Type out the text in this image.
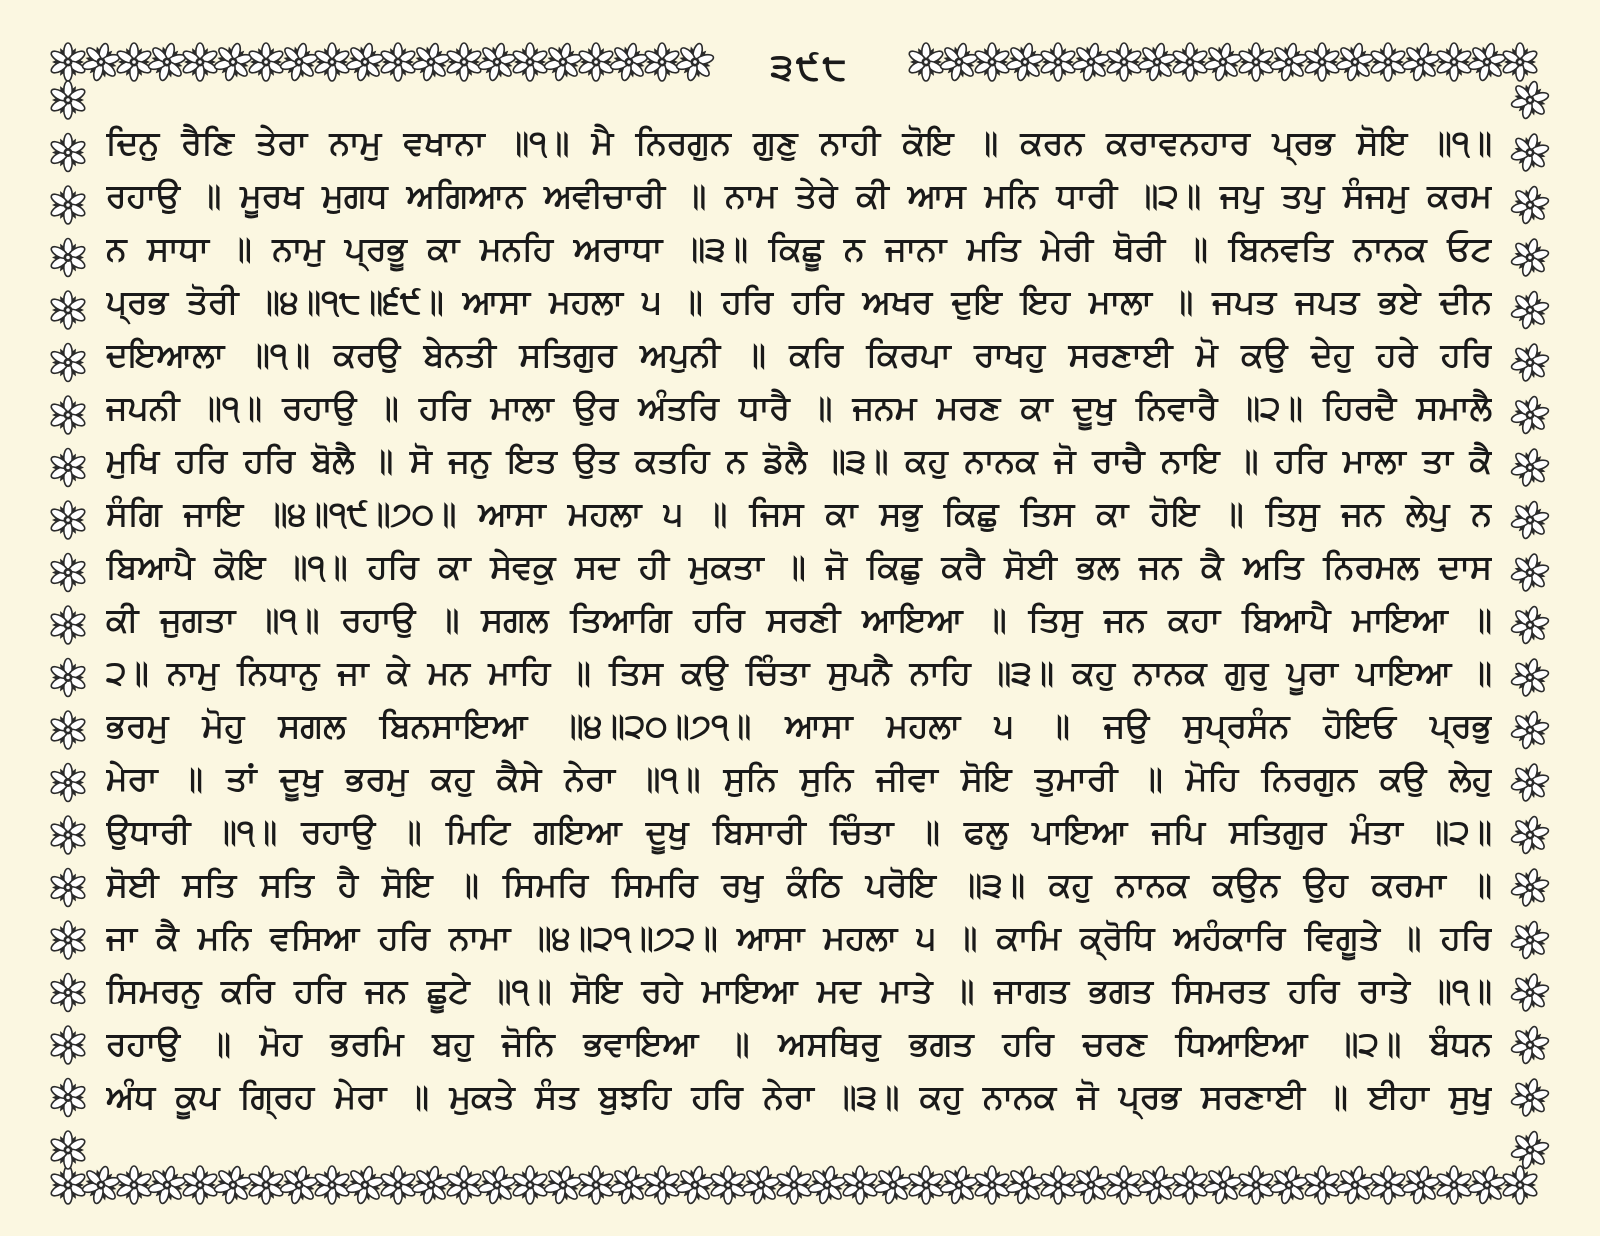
੩੯੮
ਦਿਨੁ ਰੈਣਿ ਤੇਰਾ ਨਾਮੁ ਵਖਾਨਾ ॥੧॥ ਮੈ ਨਿਰਗੁਨ ਗੁਣੁ ਨਾਹੀ ਕੋਇ ॥ ਕਰਨ ਕਰਾਵਨਹਾਰ ਪ੍ਰਭ ਸੋਇ ॥੧॥
ਰਹਾਉ ॥ ਮੂਰਖ ਮੁਗਧ ਅਗਿਆਨ ਅਵੀਚਾਰੀ ॥ ਨਾਮ ਤੇਰੇ ਕੀ ਆਸ ਮਨਿ ਧਾਰੀ ॥੨॥ ਜਪੁ ਤਪੁ ਸੰਜਮੁ ਕਰਮ
ਨ ਸਾਧਾ ॥ ਨਾਮੁ ਪ੍ਰਭੂ ਕਾ ਮਨਹਿ ਅਰਾਧਾ ॥੩॥ ਕਿਛੂ ਨ ਜਾਨਾ ਮਤਿ ਮੇਰੀ ਥੋਰੀ ॥ ਬਿਨਵਤਿ ਨਾਨਕ ਓਟ
ਪ੍ਰਭ ਤੋਰੀ ॥੪॥੧੮॥੬੯॥ ਆਸਾ ਮਹਲਾ ੫ ॥ ਹਰਿ ਹਰਿ ਅਖਰ ਦੁਇ ਇਹ ਮਾਲਾ ॥ ਜਪਤ ਜਪਤ ਭਏ ਦੀਨ
ਦਇਆਲਾ ॥੧॥ ਕਰਉ ਬੇਨਤੀ ਸਤਿਗੁਰ ਅਪੁਨੀ ॥ ਕਰਿ ਕਿਰਪਾ ਰਾਖਹੁ ਸਰਣਾਈ ਮੋ ਕਉ ਦੇਹੁ ਹਰੇ ਹਰਿ
ਜਪਨੀ ॥੧॥ ਰਹਾਉ ॥ ਹਰਿ ਮਾਲਾ ਉਰ ਅੰਤਰਿ ਧਾਰੈ ॥ ਜਨਮ ਮਰਣ ਕਾ ਦੂਖੁ ਨਿਵਾਰੈ ॥੨॥ ਹਿਰਦੈ ਸਮਾਲੈ
ਮੁਖਿ ਹਰਿ ਹਰਿ ਬੋਲੈ ॥ ਸੋ ਜਨੁ ਇਤ ਉਤ ਕਤਹਿ ਨ ਡੋਲੈ ॥੩॥ ਕਹੁ ਨਾਨਕ ਜੋ ਰਾਚੈ ਨਾਇ ॥ ਹਰਿ ਮਾਲਾ ਤਾ ਕੈ
ਸੰਗਿ ਜਾਇ ॥੪॥੧੯॥੭੦॥ ਆਸਾ ਮਹਲਾ ੫ ॥ ਜਿਸ ਕਾ ਸਭੁ ਕਿਛੁ ਤਿਸ ਕਾ ਹੋਇ ॥ ਤਿਸੁ ਜਨ ਲੇਪੁ ਨ
ਬਿਆਪੈ ਕੋਇ ॥੧॥ ਹਰਿ ਕਾ ਸੇਵਕੁ ਸਦ ਹੀ ਮੁਕਤਾ ॥ ਜੋ ਕਿਛੁ ਕਰੈ ਸੋਈ ਭਲ ਜਨ ਕੈ ਅਤਿ ਨਿਰਮਲ ਦਾਸ
ਕੀ ਜੁਗਤਾ ॥੧॥ ਰਹਾਉ ॥ ਸਗਲ ਤਿਆਗਿ ਹਰਿ ਸਰਣੀ ਆਇਆ ॥ ਤਿਸੁ ਜਨ ਕਹਾ ਬਿਆਪੈ ਮਾਇਆ ॥
੨॥ ਨਾਮੁ ਨਿਧਾਨੁ ਜਾ ਕੇ ਮਨ ਮਾਹਿ ॥ ਤਿਸ ਕਉ ਚਿੰਤਾ ਸੁਪਨੈ ਨਾਹਿ ॥੩॥ ਕਹੁ ਨਾਨਕ ਗੁਰੁ ਪੂਰਾ ਪਾਇਆ ॥
ਭਰਮੁ ਮੋਹੁ ਸਗਲ ਬਿਨਸਾਇਆ ॥੪॥੨੦॥੭੧॥ ਆਸਾ ਮਹਲਾ ੫ ॥ ਜਉ ਸੁਪ੍ਰਸੰਨ ਹੋਇਓ ਪ੍ਰਭੁ
ਮੇਰਾ ॥ ਤਾਂ ਦੂਖੁ ਭਰਮੁ ਕਹੁ ਕੈਸੇ ਨੇਰਾ ॥੧॥ ਸੁਨਿ ਸੁਨਿ ਜੀਵਾ ਸੋਇ ਤੁਮਾਰੀ ॥ ਮੋਹਿ ਨਿਰਗੁਨ ਕਉ ਲੇਹੁ
ਉਧਾਰੀ ॥੧॥ ਰਹਾਉ ॥ ਮਿਟਿ ਗਇਆ ਦੂਖੁ ਬਿਸਾਰੀ ਚਿੰਤਾ ॥ ਫਲੁ ਪਾਇਆ ਜਪਿ ਸਤਿਗੁਰ ਮੰਤਾ ॥੨॥
ਸੋਈ ਸਤਿ ਸਤਿ ਹੈ ਸੋਇ ॥ ਸਿਮਰਿ ਸਿਮਰਿ ਰਖੁ ਕੰਠਿ ਪਰੋਇ ॥੩॥ ਕਹੁ ਨਾਨਕ ਕਉਨ ਉਹ ਕਰਮਾ ॥
ਜਾ ਕੈ ਮਨਿ ਵਸਿਆ ਹਰਿ ਨਾਮਾ ॥੪॥੨੧॥੭੨॥ ਆਸਾ ਮਹਲਾ ੫ ॥ ਕਾਮਿ ਕ੍ਰੋਧਿ ਅਹੰਕਾਰਿ ਵਿਗੂਤੇ ॥ ਹਰਿ
ਸਿਮਰਨੁ ਕਰਿ ਹਰਿ ਜਨ ਛੂਟੇ ॥੧॥ ਸੋਇ ਰਹੇ ਮਾਇਆ ਮਦ ਮਾਤੇ ॥ ਜਾਗਤ ਭਗਤ ਸਿਮਰਤ ਹਰਿ ਰਾਤੇ ॥੧॥
ਰਹਾਉ ॥ ਮੋਹ ਭਰਮਿ ਬਹੁ ਜੋਨਿ ਭਵਾਇਆ ॥ ਅਸਥਿਰੁ ਭਗਤ ਹਰਿ ਚਰਣ ਧਿਆਇਆ ॥੨॥ ਬੰਧਨ
ਅੰਧ ਕੂਪ ਗ੍ਰਿਹ ਮੇਰਾ ॥ ਮੁਕਤੇ ਸੰਤ ਬੁਝਹਿ ਹਰਿ ਨੇਰਾ ॥੩॥ ਕਹੁ ਨਾਨਕ ਜੋ ਪ੍ਰਭ ਸਰਣਾਈ ॥ ਈਹਾ ਸੁਖੁ
